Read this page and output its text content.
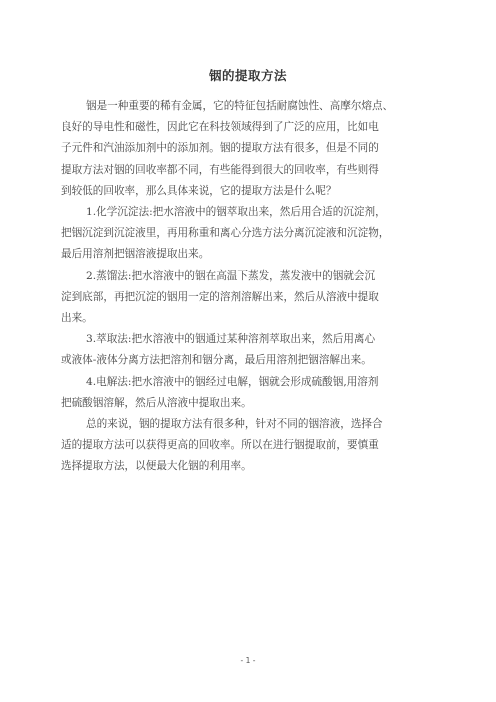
铟的提取方法

铟是一种重要的稀有金属，它的特征包括耐腐蚀性、高摩尔熔点、
良好的导电性和磁性，因此它在科技领域得到了广泛的应用，比如电
子元件和汽油添加剂中的添加剂。铟的提取方法有很多，但是不同的
提取方法对铟的回收率都不同，有些能得到很大的回收率，有些则得
到较低的回收率，那么具体来说，它的提取方法是什么呢？

1.化学沉淀法:把水溶液中的铟萃取出来，然后用合适的沉淀剂，
把铟沉淀到沉淀液里，再用称重和离心分选方法分离沉淀液和沉淀物，
最后用溶剂把铟溶液提取出来。

2.蒸馏法:把水溶液中的铟在高温下蒸发，蒸发液中的铟就会沉
淀到底部，再把沉淀的铟用一定的溶剂溶解出来，然后从溶液中提取
出来。

3.萃取法:把水溶液中的铟通过某种溶剂萃取出来，然后用离心
或液体-液体分离方法把溶剂和铟分离，最后用溶剂把铟溶解出来。

4.电解法:把水溶液中的铟经过电解，铟就会形成硫酸铟,用溶剂
把硫酸铟溶解，然后从溶液中提取出来。

总的来说，铟的提取方法有很多种，针对不同的铟溶液，选择合
适的提取方法可以获得更高的回收率。所以在进行铟提取前，要慎重
选择提取方法，以便最大化铟的利用率。

- 1 -
